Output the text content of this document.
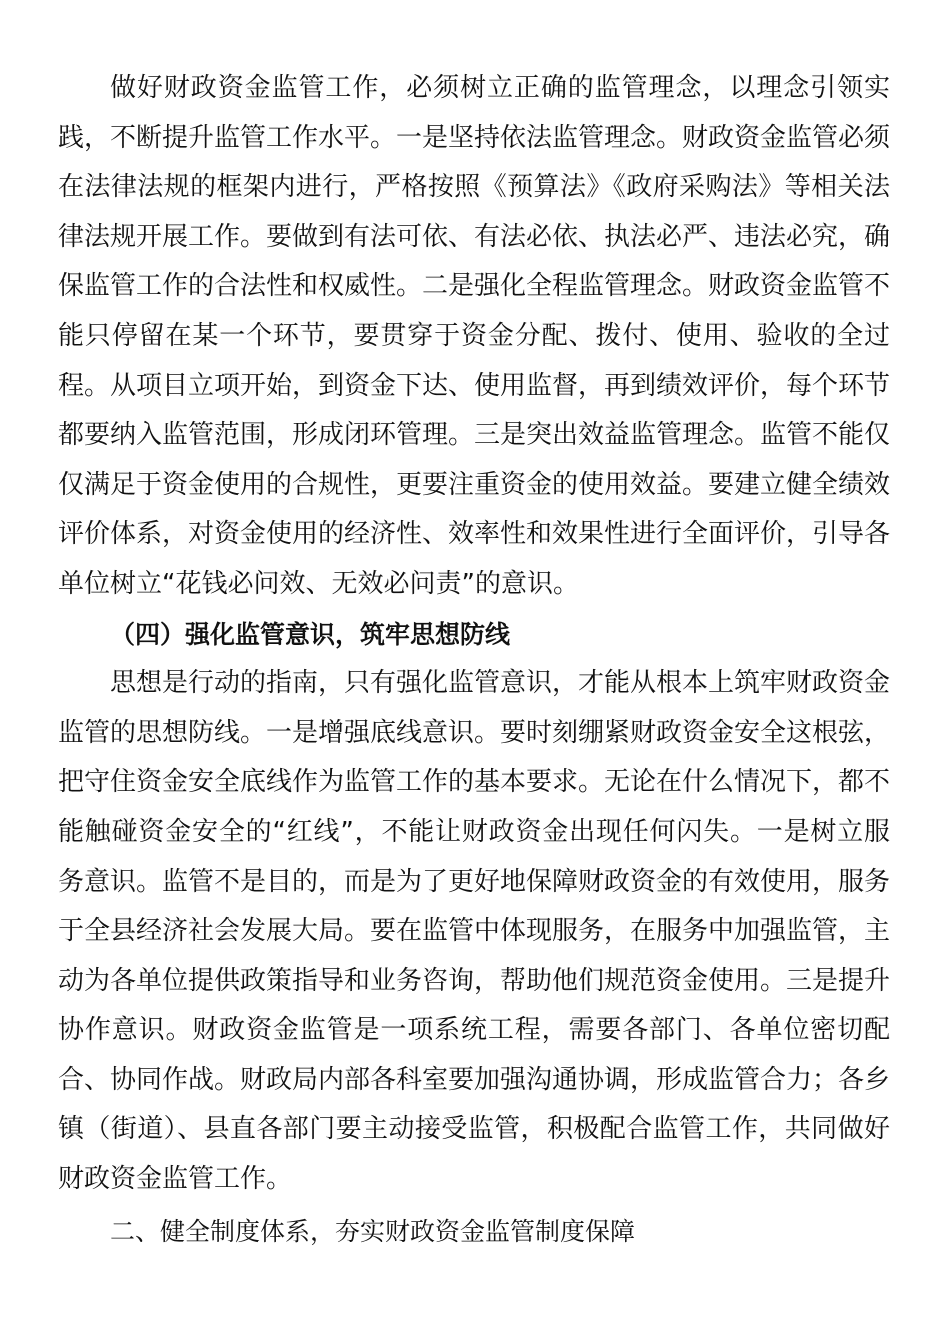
做好财政资金监管工作，必须树立正确的监管理念，以理念引领实践，不断提升监管工作水平。一是坚持依法监管理念。财政资金监管必须在法律法规的框架内进行，严格按照《预算法》《政府采购法》等相关法律法规开展工作。要做到有法可依、有法必依、执法必严、违法必究，确保监管工作的合法性和权威性。二是强化全程监管理念。财政资金监管不能只停留在某一个环节，要贯穿于资金分配、拨付、使用、验收的全过程。从项目立项开始，到资金下达、使用监督，再到绩效评价，每个环节都要纳入监管范围，形成闭环管理。三是突出效益监管理念。监管不能仅仅满足于资金使用的合规性，更要注重资金的使用效益。要建立健全绩效评价体系，对资金使用的经济性、效率性和效果性进行全面评价，引导各单位树立“花钱必问效、无效必问责”的意识。

（四）强化监管意识，筑牢思想防线

思想是行动的指南，只有强化监管意识，才能从根本上筑牢财政资金监管的思想防线。一是增强底线意识。要时刻绷紧财政资金安全这根弦，把守住资金安全底线作为监管工作的基本要求。无论在什么情况下，都不能触碰资金安全的“红线”，不能让财政资金出现任何闪失。一是树立服务意识。监管不是目的，而是为了更好地保障财政资金的有效使用，服务于全县经济社会发展大局。要在监管中体现服务，在服务中加强监管，主动为各单位提供政策指导和业务咨询，帮助他们规范资金使用。三是提升协作意识。财政资金监管是一项系统工程，需要各部门、各单位密切配合、协同作战。财政局内部各科室要加强沟通协调，形成监管合力；各乡镇（街道）、县直各部门要主动接受监管，积极配合监管工作，共同做好财政资金监管工作。

二、健全制度体系，夯实财政资金监管制度保障
